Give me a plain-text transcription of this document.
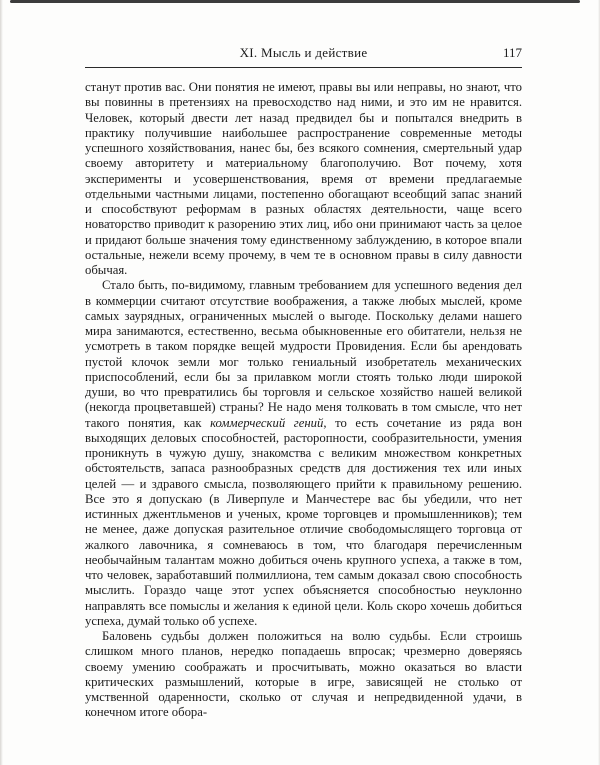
XI. Мысль и действие	117

станут против вас. Они понятия не имеют, правы вы или неправы, но знают, что вы повинны в претензиях на превосходство над ними, и это им не нравится. Человек, который двести лет назад предвидел бы и попытался внедрить в практику получившие наибольшее распространение современные методы успешного хозяйствования, нанес бы, без всякого сомнения, смертельный удар своему авторитету и материальному благополучию. Вот почему, хотя эксперименты и усовершенствования, время от времени предлагаемые отдельными частными лицами, постепенно обогащают всеобщий запас знаний и способствуют реформам в разных областях деятельности, чаще всего новаторство приводит к разорению этих лиц, ибо они принимают часть за целое и придают больше значения тому единственному заблуждению, в которое впали остальные, нежели всему прочему, в чем те в основном правы в силу давности обычая.

Стало быть, по-видимому, главным требованием для успешного ведения дел в коммерции считают отсутствие воображения, а также любых мыслей, кроме самых заурядных, ограниченных мыслей о выгоде. Поскольку делами нашего мира занимаются, естественно, весьма обыкновенные его обитатели, нельзя не усмотреть в таком порядке вещей мудрости Провидения. Если бы арендовать пустой клочок земли мог только гениальный изобретатель механических приспособлений, если бы за прилавком могли стоять только люди широкой души, во что превратились бы торговля и сельское хозяйство нашей великой (некогда процветавшей) страны? Не надо меня толковать в том смысле, что нет такого понятия, как коммерческий гений, то есть сочетание из ряда вон выходящих деловых способностей, расторопности, сообразительности, умения проникнуть в чужую душу, знакомства с великим множеством конкретных обстоятельств, запаса разнообразных средств для достижения тех или иных целей — и здравого смысла, позволяющего прийти к правильному решению. Все это я допускаю (в Ливерпуле и Манчестере вас бы убедили, что нет истинных джентльменов и ученых, кроме торговцев и промышленников); тем не менее, даже допуская разительное отличие свободомыслящего торговца от жалкого лавочника, я сомневаюсь в том, что благодаря перечисленным необычайным талантам можно добиться очень крупного успеха, а также в том, что человек, заработавший полмиллиона, тем самым доказал свою способность мыслить. Гораздо чаще этот успех объясняется способностью неуклонно направлять все помыслы и желания к единой цели. Коль скоро хочешь добиться успеха, думай только об успехе.

Баловень судьбы должен положиться на волю судьбы. Если строишь слишком много планов, нередко попадаешь впросак; чрезмерно доверяясь своему умению соображать и просчитывать, можно оказаться во власти критических размышлений, которые в игре, зависящей не столько от умственной одаренности, сколько от случая и непредвиденной удачи, в конечном итоге обора-
